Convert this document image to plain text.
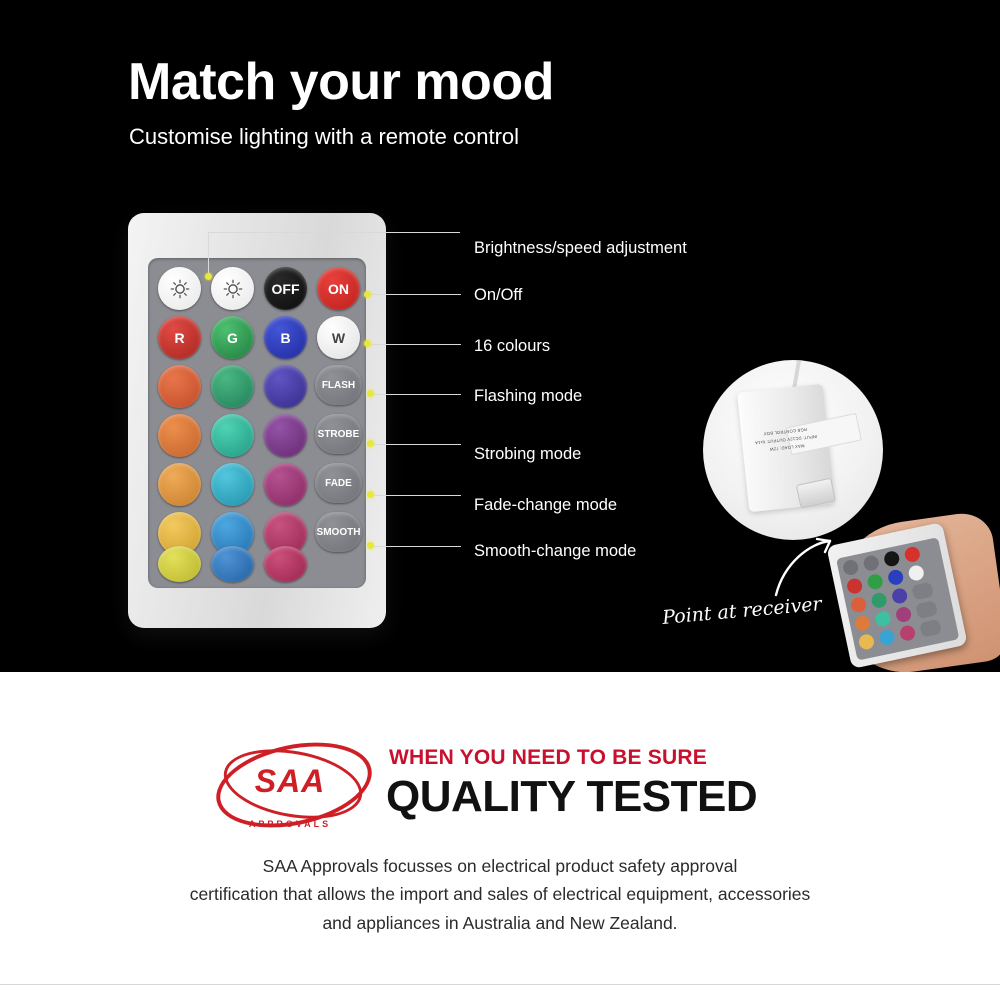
Match your mood
Customise lighting with a remote control
OFF ON
R	G	B	W
FLASH
STROBE
FADE
SMOOTH
Brightness/speed adjustment
On/Off
16 colours
Flashing mode
Strobing mode
Fade-change mode
Smooth-change mode
RGB CONTROL BOX
INPUT: DC12V OUTPUT: 6x1A
MAX LOAD: 72W
Point at receiver
SAA
APPROVALS
WHEN YOU NEED TO BE SURE
QUALITY TESTED
SAA Approvals focusses on electrical product safety approval
certification that allows the import and sales of electrical equipment, accessories
and appliances in Australia and New Zealand.
